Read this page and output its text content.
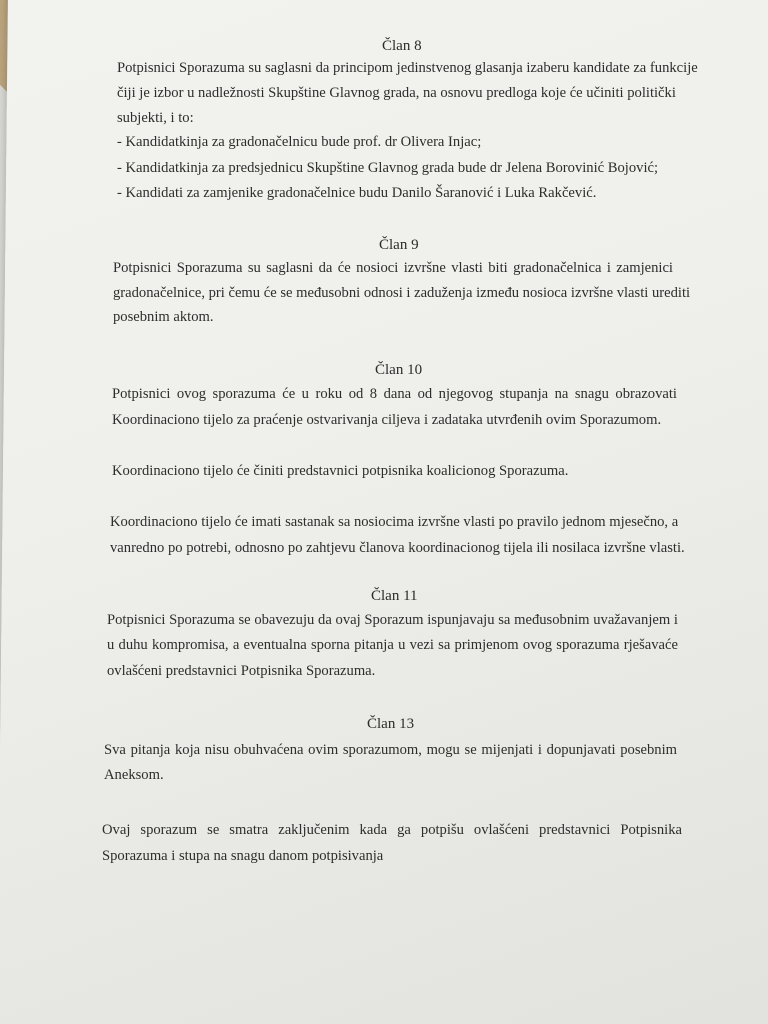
Član 8
Potpisnici Sporazuma su saglasni da principom jedinstvenog glasanja izaberu kandidate za funkcije
čiji je izbor u nadležnosti Skupštine Glavnog grada, na osnovu predloga koje će učiniti politički
subjekti, i to:
- Kandidatkinja za gradonačelnicu bude prof. dr Olivera Injac;
- Kandidatkinja za predsjednicu Skupštine Glavnog grada bude dr Jelena Borovinić Bojović;
- Kandidati za zamjenike gradonačelnice budu Danilo Šaranović i Luka Rakčević.
Član 9
Potpisnici Sporazuma su saglasni da će nosioci izvršne vlasti biti gradonačelnica i zamjenici
gradonačelnice, pri čemu će se međusobni odnosi i zaduženja između nosioca izvršne vlasti urediti
posebnim aktom.
Član 10
Potpisnici ovog sporazuma će u roku od 8 dana od njegovog stupanja na snagu obrazovati
Koordinaciono tijelo za praćenje ostvarivanja ciljeva i zadataka utvrđenih ovim Sporazumom.
Koordinaciono tijelo će činiti predstavnici potpisnika koalicionog Sporazuma.
Koordinaciono tijelo će imati sastanak sa nosiocima izvršne vlasti po pravilo jednom mjesečno, a
vanredno po potrebi, odnosno po zahtjevu članova koordinacionog tijela ili nosilaca izvršne vlasti.
Član 11
Potpisnici Sporazuma se obavezuju da ovaj Sporazum ispunjavaju sa međusobnim uvažavanjem i
u duhu kompromisa, a eventualna sporna pitanja u vezi sa primjenom ovog sporazuma rješavaće
ovlašćeni predstavnici Potpisnika Sporazuma.
Član 13
Sva pitanja koja nisu obuhvaćena ovim sporazumom, mogu se mijenjati i dopunjavati posebnim
Aneksom.
Ovaj sporazum se smatra zaključenim kada ga potpišu ovlašćeni predstavnici Potpisnika
Sporazuma i stupa na snagu danom potpisivanja
